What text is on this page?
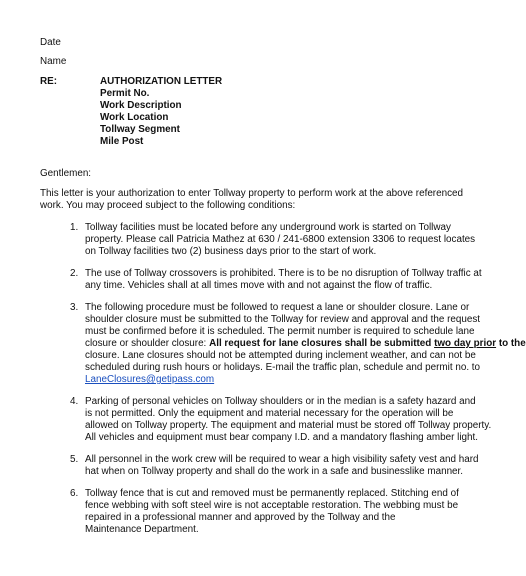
Date
Name
RE:	AUTHORIZATION LETTER
Permit No.
Work Description
Work Location
Tollway Segment
Mile Post
Gentlemen:
This letter is your authorization to enter Tollway property to perform work at the above referenced
work. You may proceed subject to the following conditions:
1. Tollway facilities must be located before any underground work is started on Tollway
property. Please call Patricia Mathez at 630 / 241-6800 extension 3306 to request locates
on Tollway facilities two (2) business days prior to the start of work.
2. The use of Tollway crossovers is prohibited. There is to be no disruption of Tollway traffic at
any time. Vehicles shall at all times move with and not against the flow of traffic.
3. The following procedure must be followed to request a lane or shoulder closure. Lane or
shoulder closure must be submitted to the Tollway for review and approval and the request
must be confirmed before it is scheduled. The permit number is required to schedule lane
closure or shoulder closure: All request for lane closures shall be submitted two day prior to the
closure. Lane closures should not be attempted during inclement weather, and can not be
scheduled during rush hours or holidays. E-mail the traffic plan, schedule and permit no. to
LaneClosures@getipass.com
4. Parking of personal vehicles on Tollway shoulders or in the median is a safety hazard and
is not permitted. Only the equipment and material necessary for the operation will be
allowed on Tollway property. The equipment and material must be stored off Tollway property.
All vehicles and equipment must bear company I.D. and a mandatory flashing amber light.
5. All personnel in the work crew will be required to wear a high visibility safety vest and hard
hat when on Tollway property and shall do the work in a safe and businesslike manner.
6. Tollway fence that is cut and removed must be permanently replaced. Stitching end of
fence webbing with soft steel wire is not acceptable restoration. The webbing must be
repaired in a professional manner and approved by the Tollway and the
Maintenance Department.
